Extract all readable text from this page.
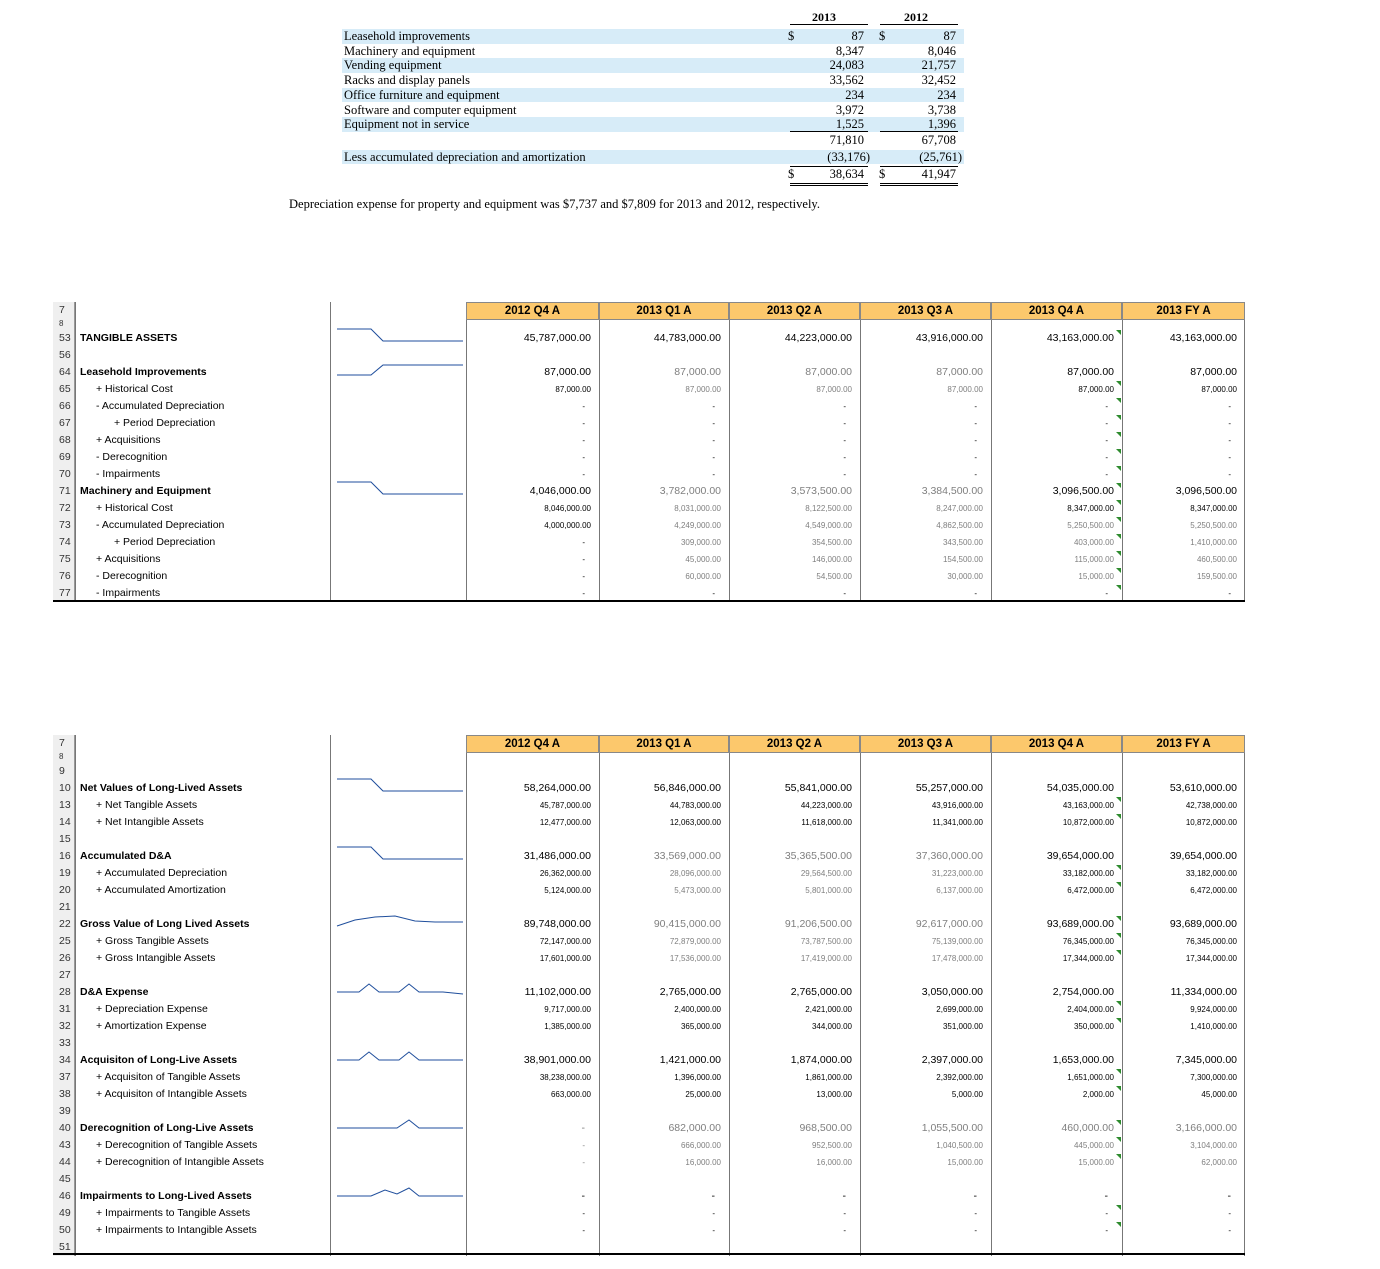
2013	2012
Leasehold improvements	87	87
$	$
Machinery and equipment	8,347	8,046
Vending equipment	24,083	21,757
Racks and display panels	33,562	32,452
Office furniture and equipment	234	234
Software and computer equipment	3,972	3,738
Equipment not in service	1,525	1,396
71,810	67,708
Less accumulated depreciation and amortization	(33,176)	(25,761)
$	38,634 $	41,947
Depreciation expense for property and equipment was $7,737 and $7,809 for 2013 and 2012, respectively.
7	2012 Q4 A	2013 Q1 A	2013 Q2 A	2013 Q3 A	2013 Q4 A	2013 FY A
8
53 TANGIBLE ASSETS	45,787,000.00	44,783,000.00	44,223,000.00	43,916,000.00	43,163,000.00	43,163,000.00
56
64 Leasehold Improvements	87,000.00	87,000.00	87,000.00	87,000.00	87,000.00	87,000.00
65	+ Historical Cost	87,000.00	87,000.00	87,000.00	87,000.00	87,000.00	87,000.00
66	- Accumulated Depreciation	-	-	-	-	-	-
67	+ Period Depreciation	-	-	-	-	-	-
68	+ Acquisitions	-	-	-	-	-	-
69	- Derecognition	-	-	-	-	-	-
70	- Impairments	-	-	-	-	-	-
71 Machinery and Equipment	4,046,000.00	3,782,000.00	3,573,500.00	3,384,500.00	3,096,500.00	3,096,500.00
72	+ Historical Cost	8,046,000.00	8,031,000.00	8,122,500.00	8,247,000.00	8,347,000.00	8,347,000.00
73	- Accumulated Depreciation	4,000,000.00	4,249,000.00	4,549,000.00	4,862,500.00	5,250,500.00	5,250,500.00
74	+ Period Depreciation	-	309,000.00	354,500.00	343,500.00	403,000.00	1,410,000.00
75	+ Acquisitions	-	45,000.00	146,000.00	154,500.00	115,000.00	460,500.00
76	- Derecognition	-	60,000.00	54,500.00	30,000.00	15,000.00	159,500.00
77	- Impairments	-	-	-	-	-	-
7	2012 Q4 A	2013 Q1 A	2013 Q2 A	2013 Q3 A	2013 Q4 A	2013 FY A
8
9
10 Net Values of Long-Lived Assets	58,264,000.00	56,846,000.00	55,841,000.00	55,257,000.00	54,035,000.00	53,610,000.00
13	+ Net Tangible Assets	45,787,000.00	44,783,000.00	44,223,000.00	43,916,000.00	43,163,000.00	42,738,000.00
14	+ Net Intangible Assets	12,477,000.00	12,063,000.00	11,618,000.00	11,341,000.00	10,872,000.00	10,872,000.00
15
16 Accumulated D&A	31,486,000.00	33,569,000.00	35,365,500.00	37,360,000.00	39,654,000.00	39,654,000.00
19	+ Accumulated Depreciation	26,362,000.00	28,096,000.00	29,564,500.00	31,223,000.00	33,182,000.00	33,182,000.00
20	+ Accumulated Amortization	5,124,000.00	5,473,000.00	5,801,000.00	6,137,000.00	6,472,000.00	6,472,000.00
21
22 Gross Value of Long Lived Assets	89,748,000.00	90,415,000.00	91,206,500.00	92,617,000.00	93,689,000.00	93,689,000.00
25	+ Gross Tangible Assets	72,147,000.00	72,879,000.00	73,787,500.00	75,139,000.00	76,345,000.00	76,345,000.00
26	+ Gross Intangible Assets	17,601,000.00	17,536,000.00	17,419,000.00	17,478,000.00	17,344,000.00	17,344,000.00
27
28 D&A Expense	11,102,000.00	2,765,000.00	2,765,000.00	3,050,000.00	2,754,000.00	11,334,000.00
31	+ Depreciation Expense	9,717,000.00	2,400,000.00	2,421,000.00	2,699,000.00	2,404,000.00	9,924,000.00
32	+ Amortization Expense	1,385,000.00	365,000.00	344,000.00	351,000.00	350,000.00	1,410,000.00
33
34 Acquisiton of Long-Live Assets	38,901,000.00	1,421,000.00	1,874,000.00	2,397,000.00	1,653,000.00	7,345,000.00
37	+ Acquisiton of Tangible Assets	38,238,000.00	1,396,000.00	1,861,000.00	2,392,000.00	1,651,000.00	7,300,000.00
38	+ Acquisiton of Intangible Assets	663,000.00	25,000.00	13,000.00	5,000.00	2,000.00	45,000.00
39
40 Derecognition of Long-Live Assets	-	682,000.00	968,500.00	1,055,500.00	460,000.00	3,166,000.00
43	+ Derecognition of Tangible Assets	-	666,000.00	952,500.00	1,040,500.00	445,000.00	3,104,000.00
44	+ Derecognition of Intangible Assets	-	16,000.00	16,000.00	15,000.00	15,000.00	62,000.00
45
46 Impairments to Long-Lived Assets	-	-	-	-	-	-
49	+ Impairments to Tangible Assets	-	-	-	-	-	-
50	+ Impairments to Intangible Assets	-	-	-	-	-	-
51
